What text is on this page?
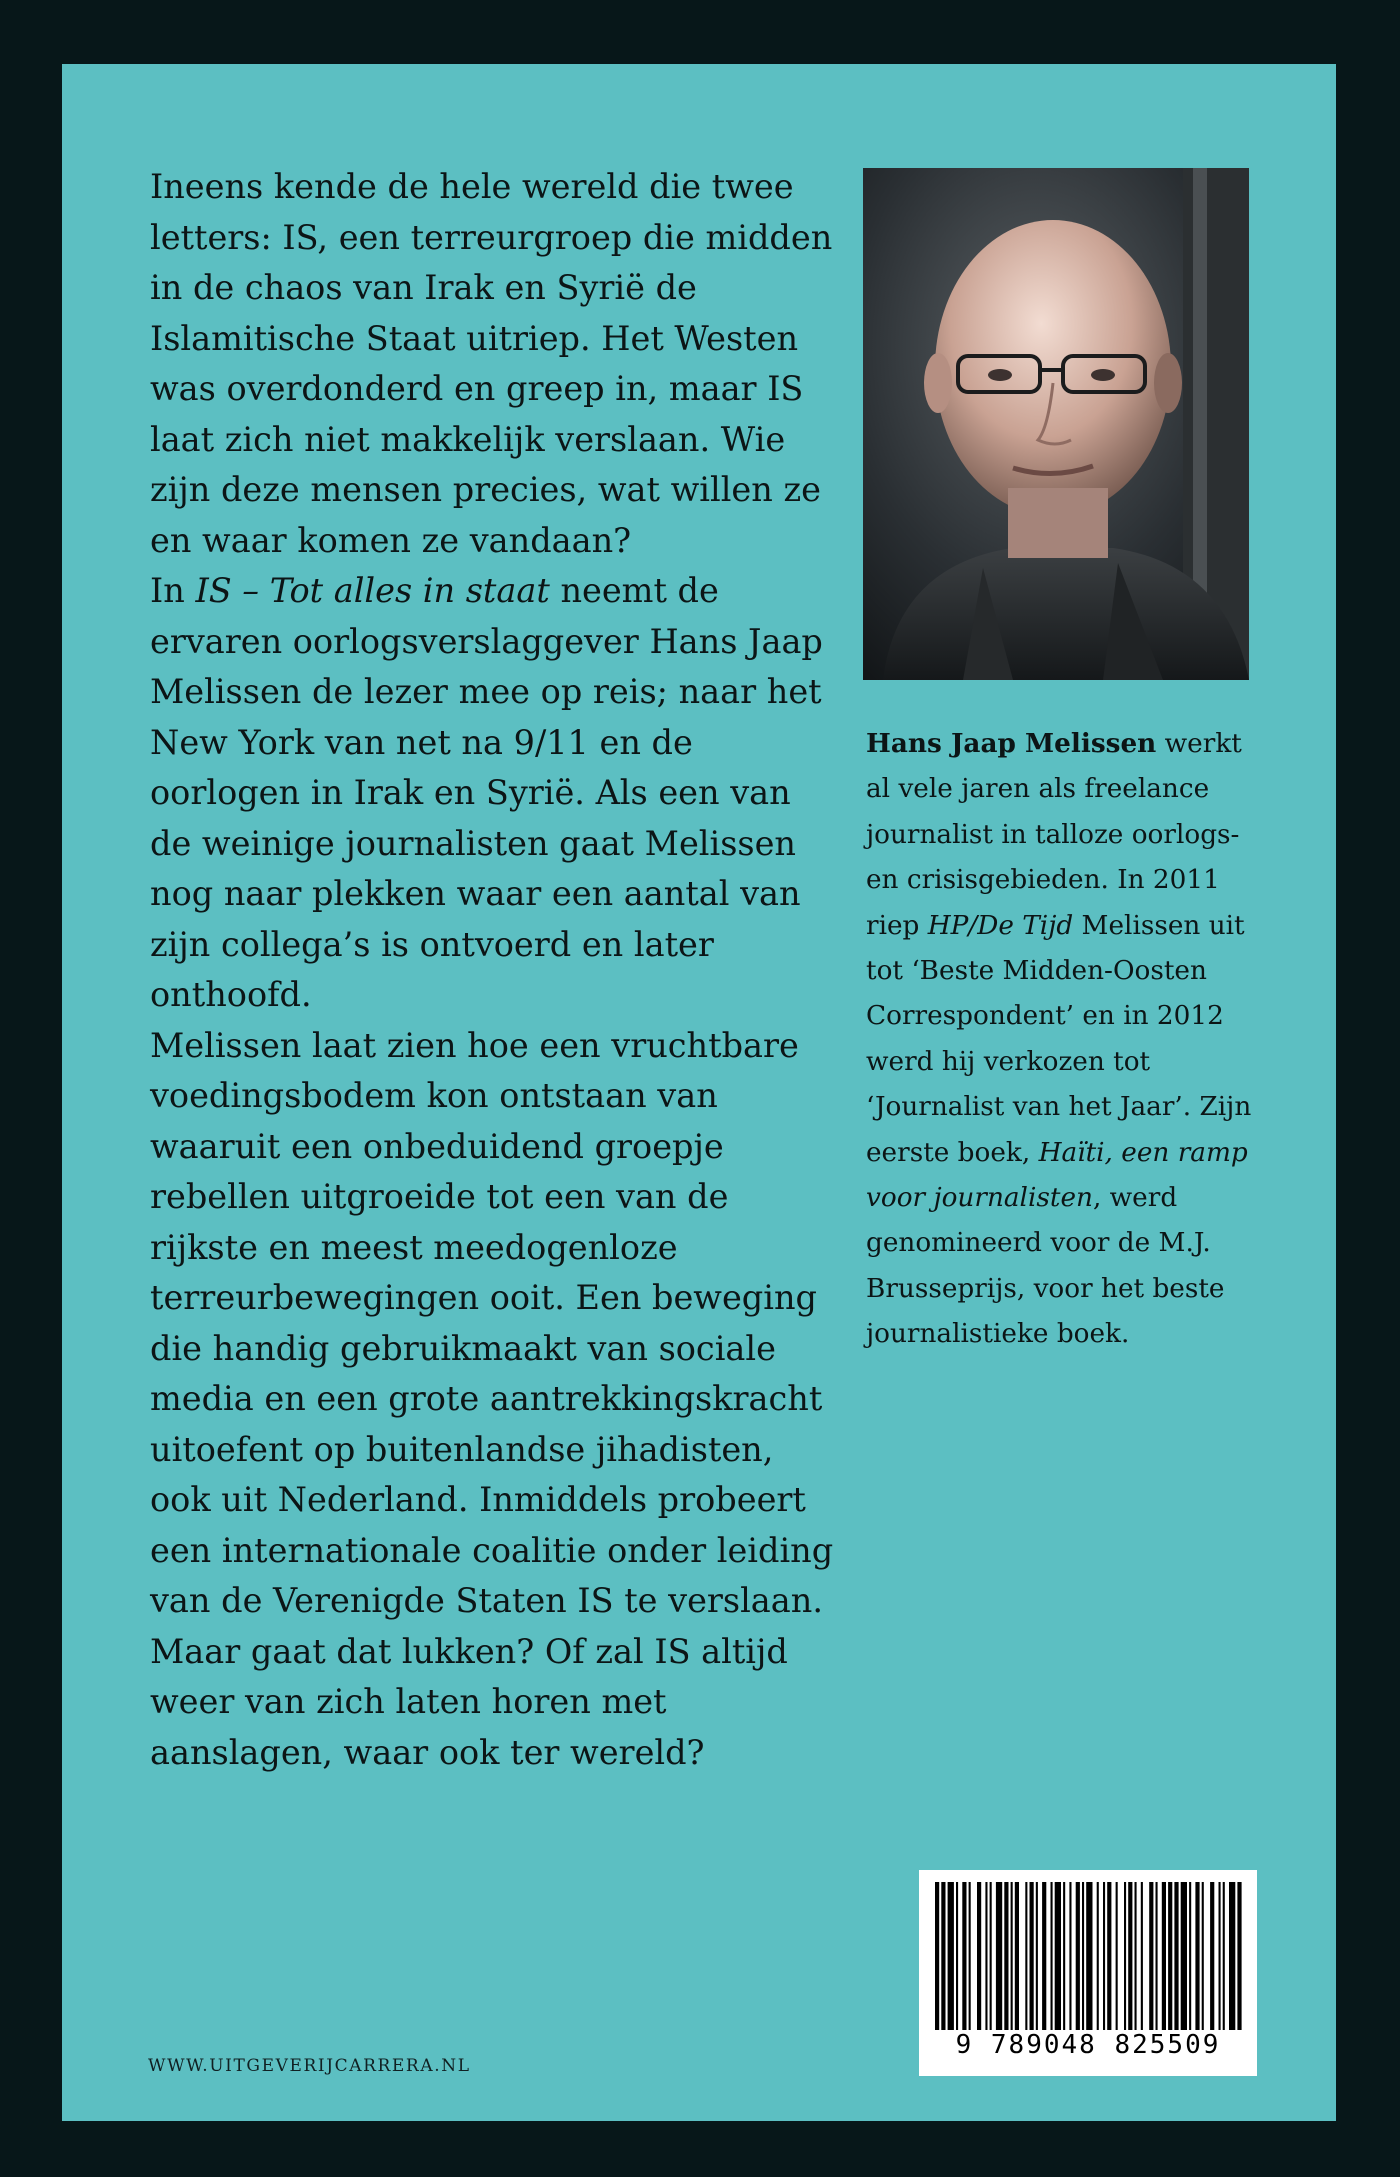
Ineens kende de hele wereld die twee letters: IS, een terreurgroep die midden in de chaos van Irak en Syrië de Islamitische Staat uitriep. Het Westen was overdonderd en greep in, maar IS laat zich niet makkelijk verslaan. Wie zijn deze mensen precies, wat willen ze en waar komen ze vandaan?

In IS – Tot alles in staat neemt de ervaren oorlogsverslaggever Hans Jaap Melissen de lezer mee op reis; naar het New York van net na 9/11 en de oorlogen in Irak en Syrië. Als een van de weinige journalisten gaat Melissen nog naar plekken waar een aantal van zijn collega’s is ontvoerd en later onthoofd.

Melissen laat zien hoe een vruchtbare voedingsbodem kon ontstaan van waaruit een onbeduidend groepje rebellen uitgroeide tot een van de rijkste en meest meedogenloze terreurbewegingen ooit. Een beweging die handig gebruikmaakt van sociale media en een grote aantrekkingskracht uitoefent op buitenlandse jihadisten, ook uit Nederland. Inmiddels probeert een internationale coalitie onder leiding van de Verenigde Staten IS te verslaan. Maar gaat dat lukken? Of zal IS altijd weer van zich laten horen met aanslagen, waar ook ter wereld?

Hans Jaap Melissen werkt al vele jaren als freelance journalist in talloze oorlogs- en crisisgebieden. In 2011 riep HP/De Tijd Melissen uit tot ‘Beste Midden-Oosten Correspondent’ en in 2012 werd hij verkozen tot ‘Journalist van het Jaar’. Zijn eerste boek, Haïti, een ramp voor journalisten, werd genomineerd voor de M.J. Brusseprijs, voor het beste journalistieke boek.

WWW.UITGEVERIJCARRERA.NL
9 789048 825509
